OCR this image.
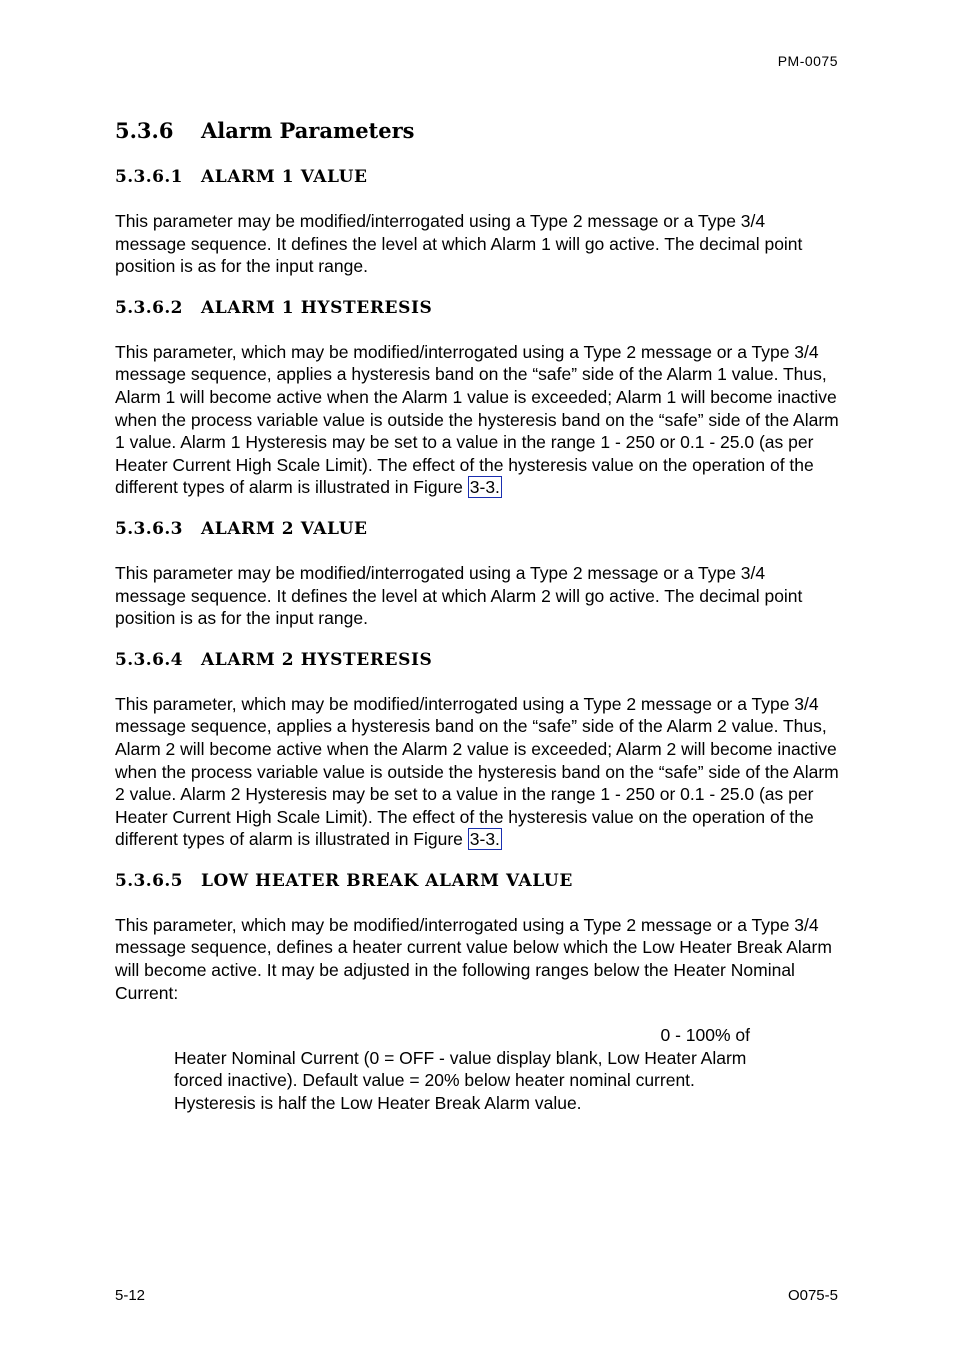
PM-0075
5.3.6 Alarm Parameters
5.3.6.1 ALARM 1 VALUE

This parameter may be modified/interrogated using a Type 2 message or a Type 3/4 message sequence. It defines the level at which Alarm 1 will go active. The decimal point position is as for the input range.

5.3.6.2 ALARM 1 HYSTERESIS

This parameter, which may be modified/interrogated using a Type 2 message or a Type 3/4 message sequence, applies a hysteresis band on the “safe” side of the Alarm 1 value. Thus, Alarm 1 will become active when the Alarm 1 value is exceeded; Alarm 1 will become inactive when the process variable value is outside the hysteresis band on the “safe” side of the Alarm 1 value. Alarm 1 Hysteresis may be set to a value in the range 1 - 250 or 0.1 - 25.0 (as per Heater Current High Scale Limit). The effect of the hysteresis value on the operation of the different types of alarm is illustrated in Figure 3-3.

5.3.6.3 ALARM 2 VALUE

This parameter may be modified/interrogated using a Type 2 message or a Type 3/4 message sequence. It defines the level at which Alarm 2 will go active. The decimal point position is as for the input range.

5.3.6.4 ALARM 2 HYSTERESIS

This parameter, which may be modified/interrogated using a Type 2 message or a Type 3/4 message sequence, applies a hysteresis band on the “safe” side of the Alarm 2 value. Thus, Alarm 2 will become active when the Alarm 2 value is exceeded; Alarm 2 will become inactive when the process variable value is outside the hysteresis band on the “safe” side of the Alarm 2 value. Alarm 2 Hysteresis may be set to a value in the range 1 - 250 or 0.1 - 25.0 (as per Heater Current High Scale Limit). The effect of the hysteresis value on the operation of the different types of alarm is illustrated in Figure 3-3.

5.3.6.5 LOW HEATER BREAK ALARM VALUE

This parameter, which may be modified/interrogated using a Type 2 message or a Type 3/4 message sequence, defines a heater current value below which the Low Heater Break Alarm will become active. It may be adjusted in the following ranges below the Heater Nominal Current:

0 - 100% of
Heater Nominal Current (0 = OFF - value display blank, Low Heater Alarm forced inactive). Default value = 20% below heater nominal current. Hysteresis is half the Low Heater Break Alarm value.

5-12	O075-5
